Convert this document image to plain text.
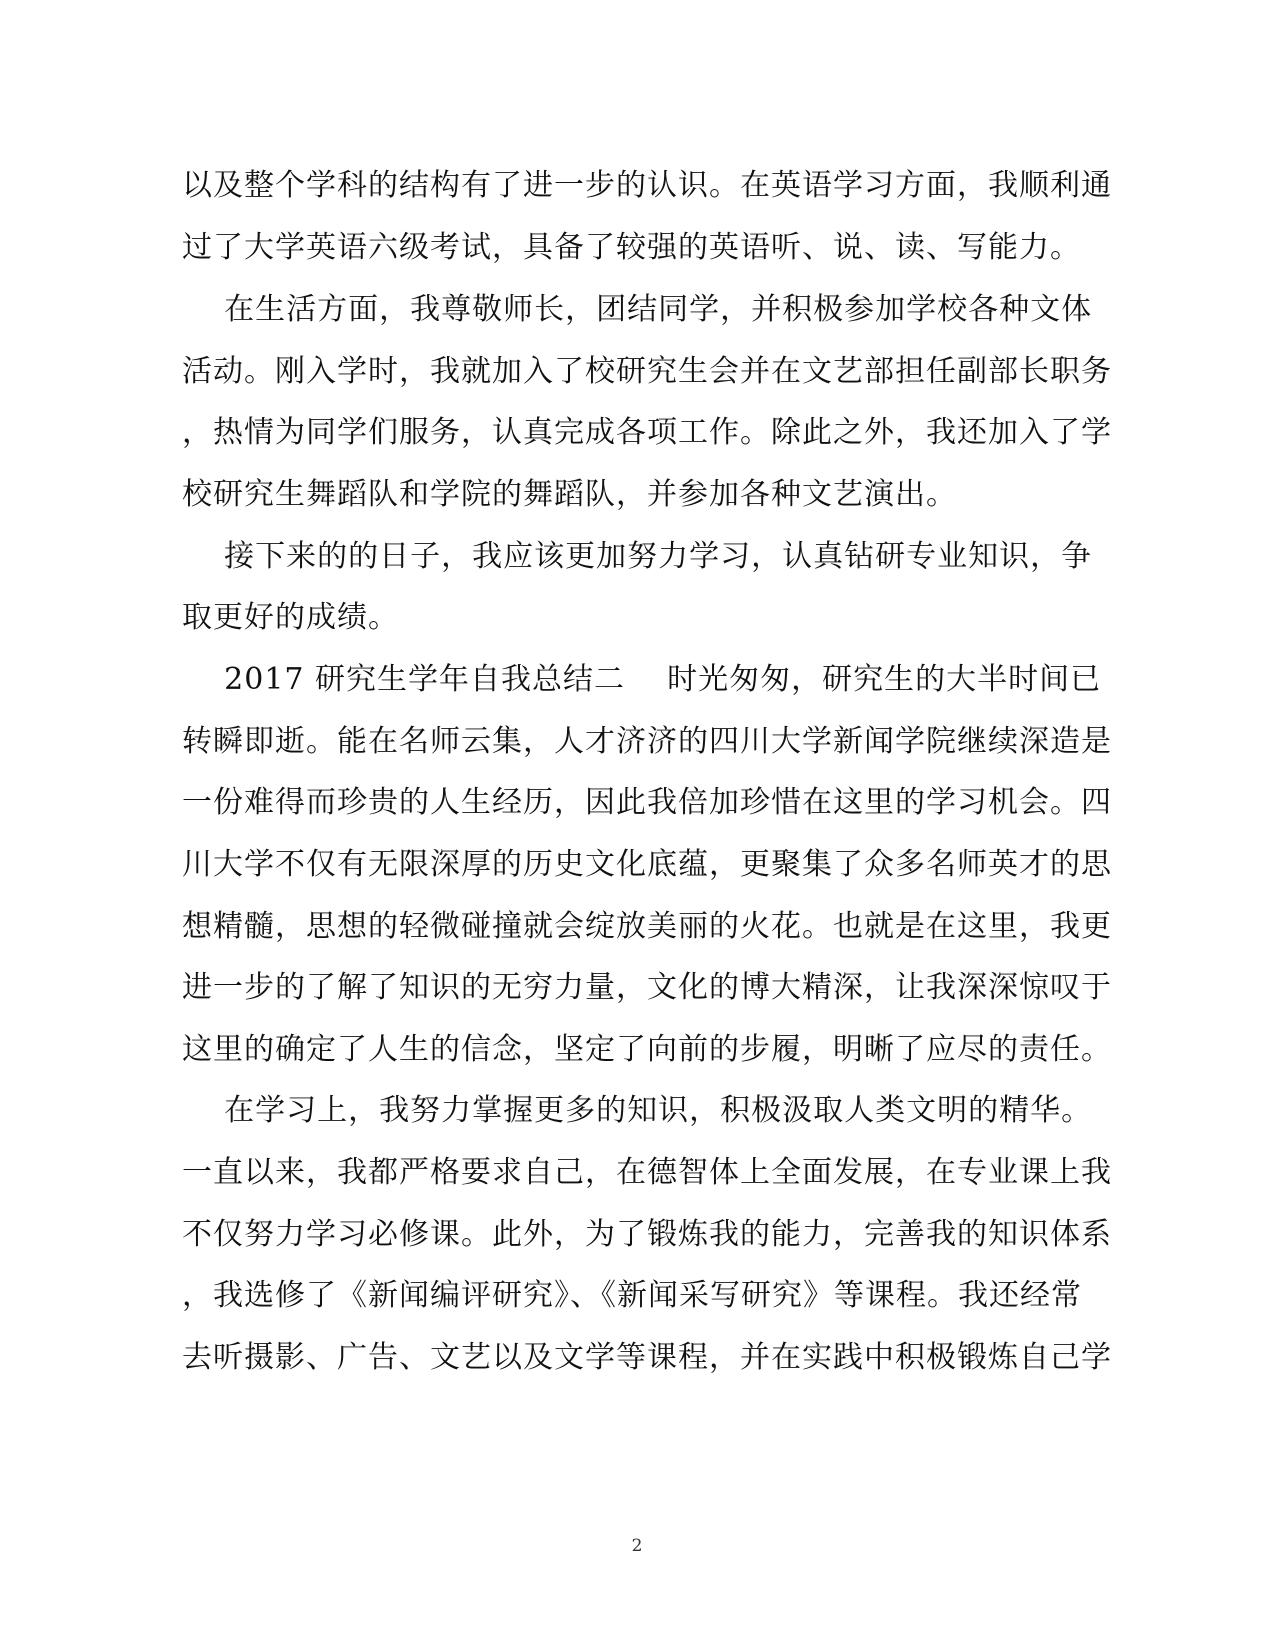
以及整个学科的结构有了进一步的认识。在英语学习方面，我顺利通
过了大学英语六级考试，具备了较强的英语听、说、读、写能力。
在生活方面，我尊敬师长，团结同学，并积极参加学校各种文体
活动。刚入学时，我就加入了校研究生会并在文艺部担任副部长职务
，热情为同学们服务，认真完成各项工作。除此之外，我还加入了学
校研究生舞蹈队和学院的舞蹈队，并参加各种文艺演出。
接下来的的日子，我应该更加努力学习，认真钻研专业知识，争
取更好的成绩。
2017 研究生学年自我总结二    时光匆匆，研究生的大半时间已
转瞬即逝。能在名师云集，人才济济的四川大学新闻学院继续深造是
一份难得而珍贵的人生经历，因此我倍加珍惜在这里的学习机会。四
川大学不仅有无限深厚的历史文化底蕴，更聚集了众多名师英才的思
想精髓，思想的轻微碰撞就会绽放美丽的火花。也就是在这里，我更
进一步的了解了知识的无穷力量，文化的博大精深，让我深深惊叹于
这里的确定了人生的信念，坚定了向前的步履，明晰了应尽的责任。
在学习上，我努力掌握更多的知识，积极汲取人类文明的精华。
一直以来，我都严格要求自己，在德智体上全面发展，在专业课上我
不仅努力学习必修课。此外，为了锻炼我的能力，完善我的知识体系
，我选修了《新闻编评研究》、《新闻采写研究》等课程。我还经常
去听摄影、广告、文艺以及文学等课程，并在实践中积极锻炼自己学
2
